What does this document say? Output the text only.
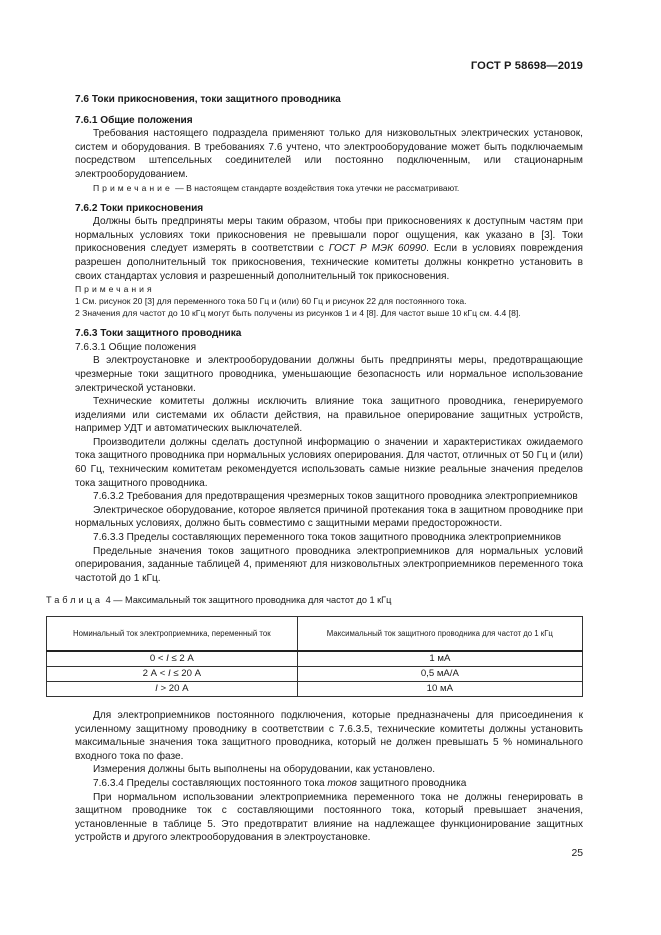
ГОСТ Р 58698—2019

7.6 Токи прикосновения, токи защитного проводника

7.6.1 Общие положения

Требования настоящего подраздела применяют только для низковольтных электрических установок, систем и оборудования. В требованиях 7.6 учтено, что электрооборудование может быть подключаемым посредством штепсельных соединителей или постоянно подключенным, или стационарным электрооборудованием.

Примечание — В настоящем стандарте воздействия тока утечки не рассматривают.

7.6.2 Токи прикосновения

Должны быть предприняты меры таким образом, чтобы при прикосновениях к доступным частям при нормальных условиях токи прикосновения не превышали порог ощущения, как указано в [3]. Токи прикосновения следует измерять в соответствии с ГОСТ Р МЭК 60990. Если в условиях повреждения разрешен дополнительный ток прикосновения, технические комитеты должны конкретно установить в своих стандартах условия и разрешенный дополнительный ток прикосновения.

Примечания

1 См. рисунок 20 [3] для переменного тока 50 Гц и (или) 60 Гц и рисунок 22 для постоянного тока.

2 Значения для частот до 10 кГц могут быть получены из рисунков 1 и 4 [8]. Для частот выше 10 кГц см. 4.4 [8].

7.6.3 Токи защитного проводника

7.6.3.1 Общие положения

В электроустановке и электрооборудовании должны быть предприняты меры, предотвращающие чрезмерные токи защитного проводника, уменьшающие безопасность или нормальное использование электрической установки.

Технические комитеты должны исключить влияние тока защитного проводника, генерируемого изделиями или системами их области действия, на правильное оперирование защитных устройств, например УДТ и автоматических выключателей.

Производители должны сделать доступной информацию о значении и характеристиках ожидаемого тока защитного проводника при нормальных условиях оперирования. Для частот, отличных от 50 Гц и (или) 60 Гц, техническим комитетам рекомендуется использовать самые низкие реальные значения пределов тока защитного проводника.

7.6.3.2 Требования для предотвращения чрезмерных токов защитного проводника электроприемников

Электрическое оборудование, которое является причиной протекания тока в защитном проводнике при нормальных условиях, должно быть совместимо с защитными мерами предосторожности.

7.6.3.3 Пределы составляющих переменного тока токов защитного проводника электроприемников

Предельные значения токов защитного проводника электроприемников для нормальных условий оперирования, заданные таблицей 4, применяют для низковольтных электроприемников переменного тока частотой до 1 кГц.

Таблица 4 — Максимальный ток защитного проводника для частот до 1 кГц
Номинальный ток электроприемника, переменный ток	Максимальный ток защитного проводника для частот до 1 кГц
0 < I ≤ 2 А	1 мА
2 А < I ≤ 20 А	0,5 мА/А
I > 20 А	10 мА

Для электроприемников постоянного подключения, которые предназначены для присоединения к усиленному защитному проводнику в соответствии с 7.6.3.5, технические комитеты должны установить максимальные значения тока защитного проводника, который не должен превышать 5 % номинального входного тока по фазе.

Измерения должны быть выполнены на оборудовании, как установлено.

7.6.3.4 Пределы составляющих постоянного тока токов защитного проводника

При нормальном использовании электроприемника переменного тока не должны генерировать в защитном проводнике ток с составляющими постоянного тока, который превышает значения, установленные в таблице 5. Это предотвратит влияние на надлежащее функционирование защитных устройств и другого электрооборудования в электроустановке.

25
